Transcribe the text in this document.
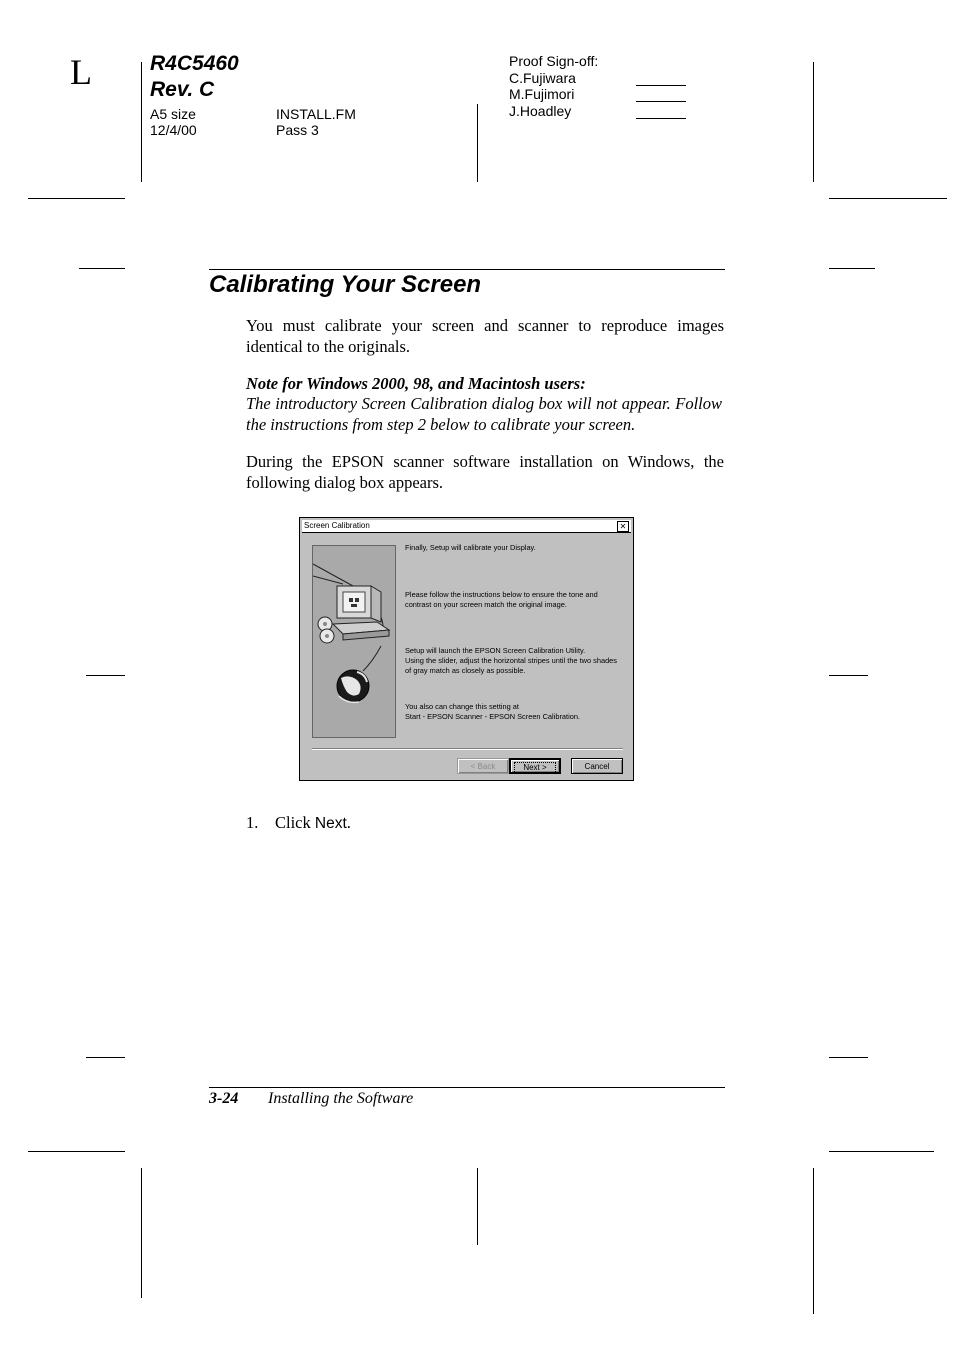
L	R4C5460
Rev. C
A5 size
12/4/00
INSTALL.FM
Pass 3
Proof Sign-off:
C.Fujiwara
M.Fujimori
J.Hoadley
Calibrating Your Screen
You must calibrate your screen and scanner to reproduce images identical to the originals.
Note for Windows 2000, 98, and Macintosh users:
The introductory Screen Calibration dialog box will not appear. Follow the instructions from step 2 below to calibrate your screen.
During the EPSON scanner software installation on Windows, the following dialog box appears.
Screen Calibration	✕
Finally, Setup will calibrate your Display.
Please follow the instructions below to ensure the tone and
contrast on your screen match the original image.
Setup will launch the EPSON Screen Calibration Utility.
Using the slider, adjust the horizontal stripes until the two shades
of gray match as closely as possible.
You also can change this setting at
Start - EPSON Scanner - EPSON Screen Calibration.
< Back	Next >	Cancel
1. Click Next.
3-24 Installing the Software
